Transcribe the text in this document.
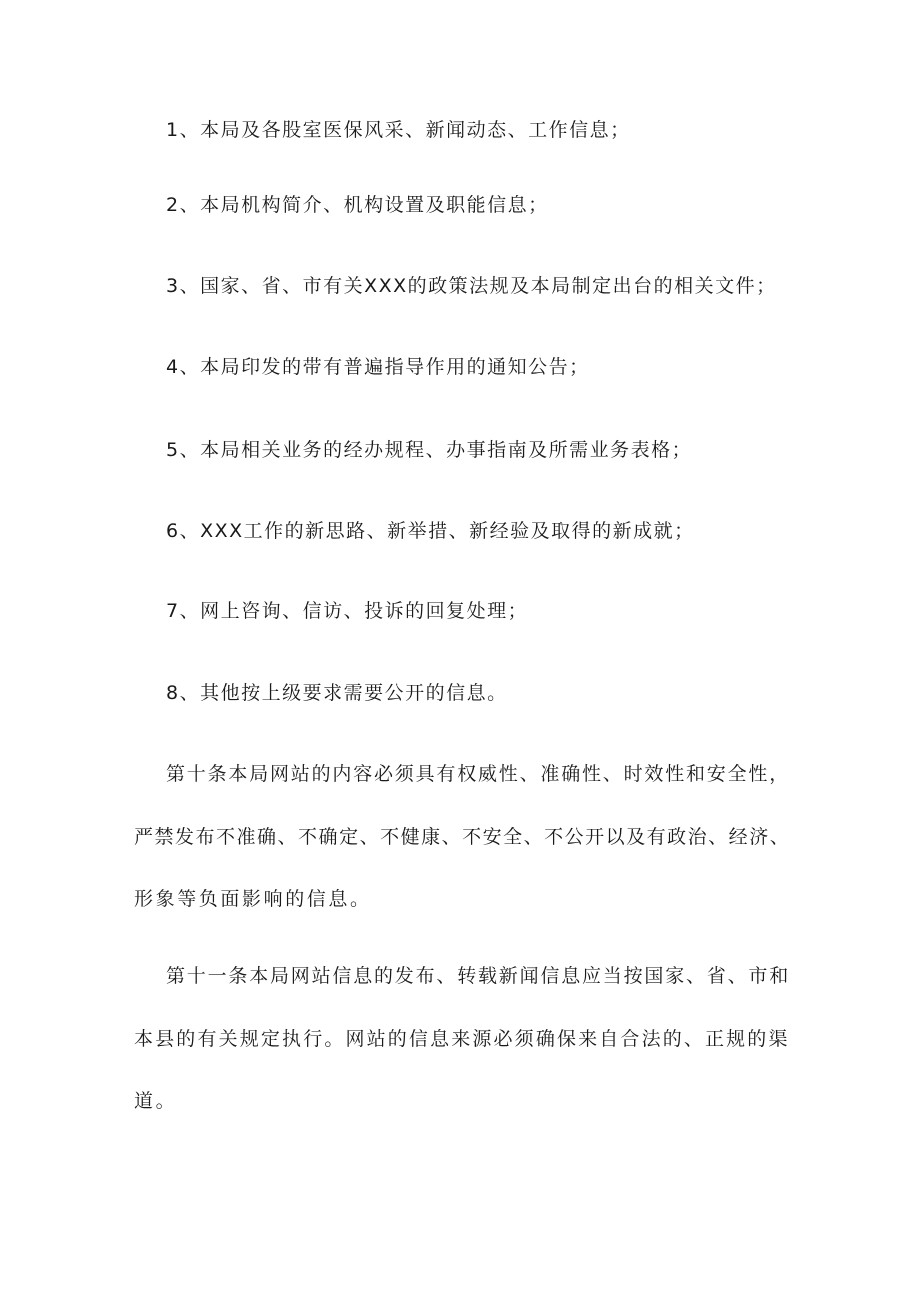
1、本局及各股室医保风采、新闻动态、工作信息；
2、本局机构简介、机构设置及职能信息；
3、国家、省、市有关XXX的政策法规及本局制定出台的相关文件；
4、本局印发的带有普遍指导作用的通知公告；
5、本局相关业务的经办规程、办事指南及所需业务表格；
6、XXX工作的新思路、新举措、新经验及取得的新成就；
7、网上咨询、信访、投诉的回复处理；
8、其他按上级要求需要公开的信息。
第十条本局网站的内容必须具有权威性、准确性、时效性和安全性，
严禁发布不准确、不确定、不健康、不安全、不公开以及有政治、经济、
形象等负面影响的信息。
第十一条本局网站信息的发布、转载新闻信息应当按国家、省、市和
本县的有关规定执行。网站的信息来源必须确保来自合法的、正规的渠
道。
